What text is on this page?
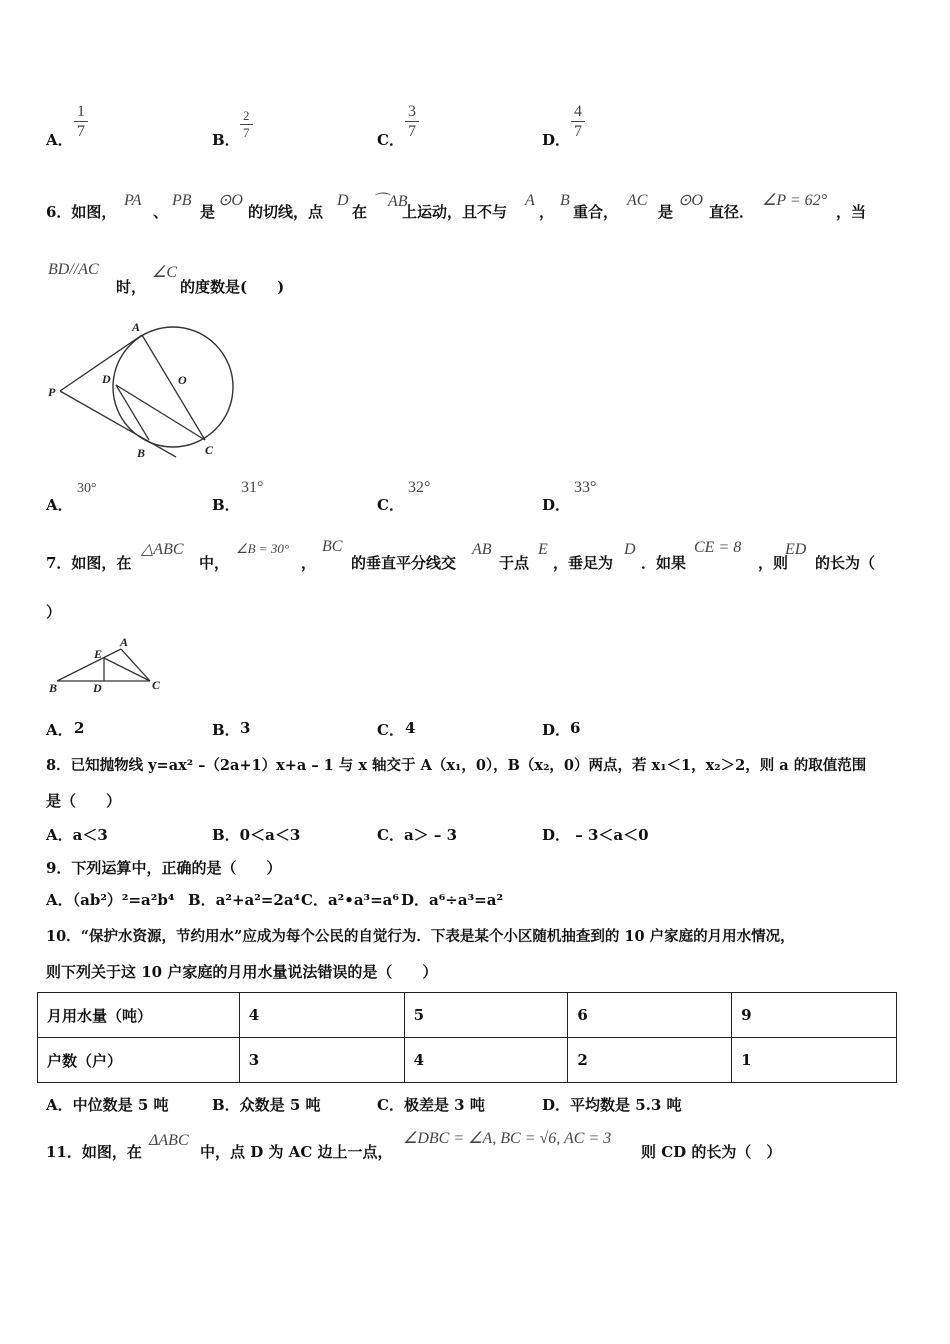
A． $\frac{1}{7}$	B． $\frac{2}{7}$	C． $\frac{3}{7}$	D． $\frac{4}{7}$
6．如图，
PA
、
PB
是
⊙O
的切线，点
D
在
⌒AB
上运动，且不与
A
，
B
重合，
AC
是
⊙O
直径．
∠P = 62°
，当
BD//AC
时，
∠C
的度数是(　　)
A
O
D
P
B	C
A．
30°
B．
31°
C．
32°
D．
33°
7．如图，在
△ABC
中，
∠B = 30°
，
BC
的垂直平分线交
AB
于点
E
，垂足为
D
．如果
CE = 8
，则
ED
的长为（
）
E
A
B	D	C
A． 2	B． 3	C． 4	D． 6
8．已知抛物线 y=ax² –（2a+1）x+a – 1 与 x 轴交于 A（x₁，0），B（x₂，0）两点，若 x₁＜1，x₂＞2，则 a 的取值范围
是（　　）
A．a＜3	B．0＜a＜3	C．a＞ – 3	D． – 3＜a＜0
9．下列运算中，正确的是（　　）
A．（ab²）²=a²b⁴ B．a²+a²=2a⁴ C．a²•a³=a⁶ D．a⁶÷a³=a²
10．“保护水资源，节约用水”应成为每个公民的自觉行为．下表是某个小区随机抽查到的 10 户家庭的月用水情况，
则下列关于这 10 户家庭的月用水量说法错误的是（　　）
月用水量（吨）	4	5	6	9
户数（户）	3	4	2	1
A．中位数是 5 吨	B．众数是 5 吨	C．极差是 3 吨	D．平均数是 5.3 吨
11．如图，在
ΔABC
中，点 D 为 AC 边上一点，
∠DBC = ∠A, BC = √6, AC = 3
则 CD 的长为（　）
